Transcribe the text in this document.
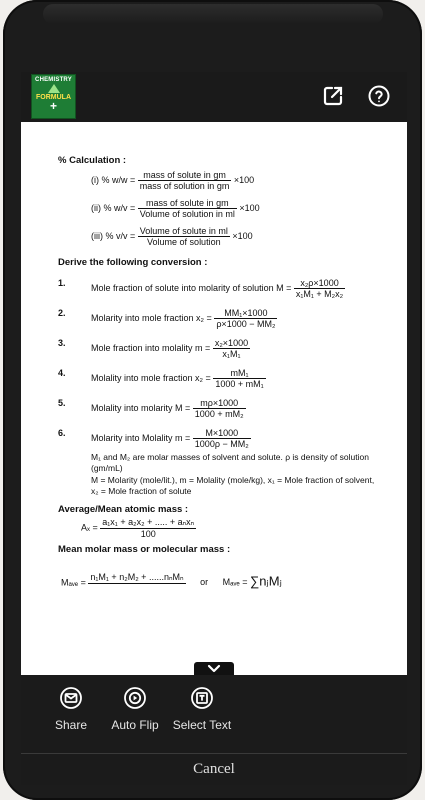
CHEMISTRY
FORMULA
+
% Calculation :
(i) % $w/w = \frac{\text{mass of solute in gm}}{\text{mass of solution in gm}} \times 100$
(ii) % $w/v = \frac{\text{mass of solute in gm}}{\text{Volume of solution in ml}} \times 100$
(iii) % $v/v = \frac{\text{Volume of solute in ml}}{\text{Volume of solution}} \times 100$
Derive the following conversion :
1.	Mole fraction of solute into molarity of solution $M = \frac{\text{x₂ρ×1000}}{\text{x₁M₁ + M₂x₂}}$
2.	Molarity into mole fraction $x_2 = \frac{\text{MM₁×1000}}{\text{ρ×1000 − MM₂}}$
3.	Mole fraction into molality $m = \frac{\text{x₂×1000}}{\text{x₁M₁}}$
4.	Molality into mole fraction $x_2 = \frac{\text{mM₁}}{\text{1000 + mM₁}}$
5.	Molality into molarity $M = \frac{m\rho\times 1000}{\text{1000 + mM₂}}$
6.	Molarity into Molality $m = \frac{M\times 1000}{\text{1000ρ − MM₂}}$
M₁ and M₂ are molar masses of solvent and solute. ρ is density of solution (gm/mL)
M = Molarity (mole/lit.), m = Molality (mole/kg), x₁ = Mole fraction of solvent, x₂ = Mole fraction of solute
Average/Mean atomic mass :
$A_x = \frac{\text{a₁x₁ + a₂x₂ + ..... + aₙxₙ}}{100}$
Mean molar mass or molecular mass :
Mₐᵥₑ =
n₁M₁ + n₂M₂ + ......nₙMₙ

or Mₐᵥₑ = ∑nⱼMⱼ
Share	Auto Flip	Select Text
Cancel
